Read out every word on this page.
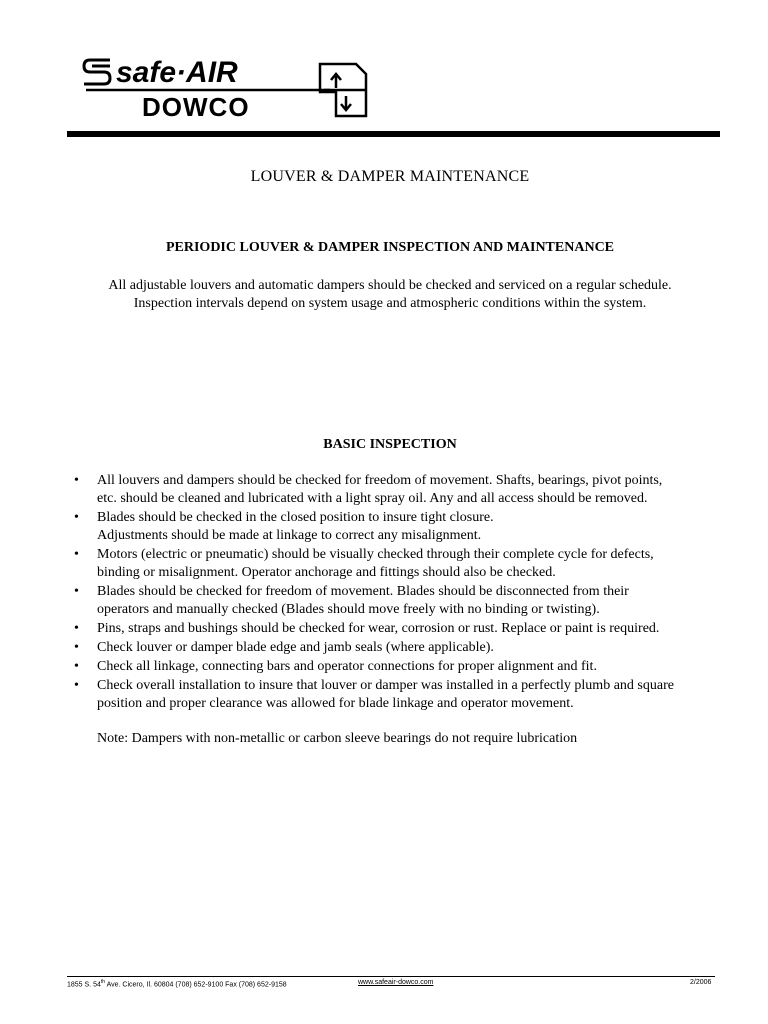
safe·AIR
DOWCO
LOUVER & DAMPER MAINTENANCE
PERIODIC LOUVER & DAMPER INSPECTION AND MAINTENANCE
All adjustable louvers and automatic dampers should be checked and serviced on a regular schedule.
Inspection intervals depend on system usage and atmospheric conditions within the system.
BASIC INSPECTION
• All louvers and dampers should be checked for freedom of movement. Shafts, bearings, pivot points,
etc. should be cleaned and lubricated with a light spray oil. Any and all access should be removed.
• Blades should be checked in the closed position to insure tight closure.
Adjustments should be made at linkage to correct any misalignment.
• Motors (electric or pneumatic) should be visually checked through their complete cycle for defects,
binding or misalignment. Operator anchorage and fittings should also be checked.
• Blades should be checked for freedom of movement. Blades should be disconnected from their
operators and manually checked (Blades should move freely with no binding or twisting).
• Pins, straps and bushings should be checked for wear, corrosion or rust. Replace or paint is required.
• Check louver or damper blade edge and jamb seals (where applicable).
• Check all linkage, connecting bars and operator connections for proper alignment and fit.
• Check overall installation to insure that louver or damper was installed in a perfectly plumb and square
position and proper clearance was allowed for blade linkage and operator movement.
Note: Dampers with non-metallic or carbon sleeve bearings do not require lubrication
1855 S. 54th Ave. Cicero, Il. 60804 (708) 652-9100 Fax (708) 652-9158	www.safeair-dowco.com	2/2006
